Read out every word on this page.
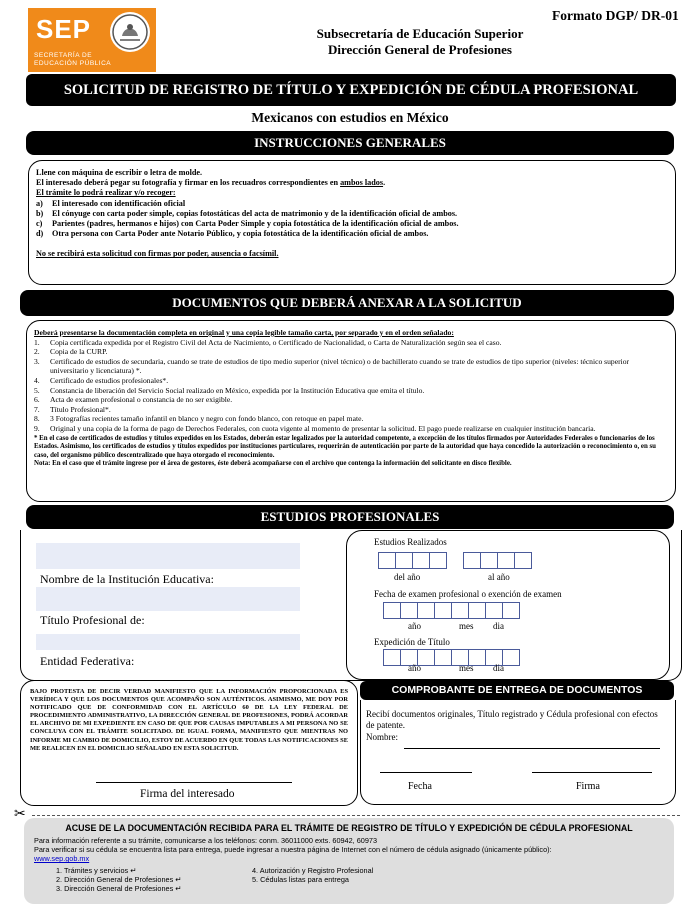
SEP
SECRETARÍA DE
EDUCACIÓN PÚBLICA
Formato DGP/ DR-01
Subsecretaría de Educación Superior
Dirección General de Profesiones
SOLICITUD DE REGISTRO DE TÍTULO Y EXPEDICIÓN DE CÉDULA PROFESIONAL
Mexicanos con estudios en México
INSTRUCCIONES GENERALES
Llene con máquina de escribir o letra de molde.
El interesado deberá pegar su fotografía y firmar en los recuadros correspondientes en ambos lados.
El trámite lo podrá realizar y/o recoger:
a)	El interesado con identificación oficial
b)	El cónyuge con carta poder simple, copias fotostáticas del acta de matrimonio y de la identificación oficial de ambos.
c)	Parientes (padres, hermanos e hijos) con Carta Poder Simple y copia fotostática de la identificación oficial de ambos.
d)	Otra persona con Carta Poder ante Notario Público, y copia fotostática de la identificación oficial de ambos.
No se recibirá esta solicitud con firmas por poder, ausencia o facsímil.
DOCUMENTOS QUE DEBERÁ ANEXAR A LA SOLICITUD
Deberá presentarse la documentación completa en original y una copia legible tamaño carta, por separado y en el orden señalado:
1.	Copia certificada expedida por el Registro Civil del Acta de Nacimiento, o Certificado de Nacionalidad, o Carta de Naturalización según sea el caso.
2.	Copia de la CURP.
3.	Certificado de estudios de secundaria, cuando se trate de estudios de tipo medio superior (nivel técnico) o de bachillerato cuando se trate de estudios de tipo superior (niveles: técnico superior universitario y licenciatura) *.
4.	Certificado de estudios profesionales*.
5.	Constancia de liberación del Servicio Social realizado en México, expedida por la Institución Educativa que emita el título.
6.	Acta de examen profesional o constancia de no ser exigible.
7.	Título Profesional*.
8.	3 Fotografías recientes tamaño infantil en blanco y negro con fondo blanco, con retoque en papel mate.
9.	Original y una copia de la forma de pago de Derechos Federales, con cuota vigente al momento de presentar la solicitud. El pago puede realizarse en cualquier institución bancaria.
* En el caso de certificados de estudios y títulos expedidos en los Estados, deberán estar legalizados por la autoridad competente, a excepción de los títulos firmados por Autoridades Federales o funcionarios de los Estados. Asimismo, los certificados de estudios y títulos expedidos por instituciones particulares, requerirán de autenticación por parte de la autoridad que haya concedido la autorización o reconocimiento o, en su caso, del organismo público descentralizado que haya otorgado el reconocimiento.
Nota: En el caso que el trámite ingrese por el área de gestores, éste deberá acompañarse con el archivo que contenga la información del solicitante en disco flexible.
ESTUDIOS PROFESIONALES
Nombre de la Institución Educativa:
Título Profesional de:
Entidad Federativa:
Estudios Realizados
del año	al año
Fecha de examen profesional o exención de examen
año	mes dia
Expedición de Título
año	mes dia
BAJO PROTESTA DE DECIR VERDAD MANIFIESTO QUE LA INFORMACIÓN PROPORCIONADA ES VERÍDICA Y QUE LOS DOCUMENTOS QUE ACOMPAÑO SON AUTÉNTICOS. ASIMISMO, ME DOY POR NOTIFICADO QUE DE CONFORMIDAD CON EL ARTÍCULO 60 DE LA LEY FEDERAL DE PROCEDIMIENTO ADMINISTRATIVO, LA DIRECCIÓN GENERAL DE PROFESIONES, PODRÁ ACORDAR EL ARCHIVO DE MI EXPEDIENTE EN CASO DE QUE POR CAUSAS IMPUTABLES A MI PERSONA NO SE CONCLUYA CON EL TRÁMITE SOLICITADO. DE IGUAL FORMA, MANIFIESTO QUE MIENTRAS NO INFORME MI CAMBIO DE DOMICILIO, ESTOY DE ACUERDO EN QUE TODAS LAS NOTIFICACIONES SE ME REALICEN EN EL DOMICILIO SEÑALADO EN ESTA SOLICITUD.
Firma del interesado
COMPROBANTE DE ENTREGA DE DOCUMENTOS
Recibí documentos originales, Título registrado y Cédula profesional con efectos de patente.
Nombre:
Fecha	Firma
✂
ACUSE DE LA DOCUMENTACIÓN RECIBIDA PARA EL TRÁMITE DE REGISTRO DE TÍTULO Y EXPEDICIÓN DE CÉDULA PROFESIONAL
Para información referente a su trámite, comunicarse a los teléfonos: conm. 36011000 exts. 60942, 60973
Para verificar si su cédula se encuentra lista para entrega, puede ingresar a nuestra página de Internet con el número de cédula asignado (únicamente público):
www.sep.gob.mx
1. Trámites y servicios ↵
2. Dirección General de Profesiones ↵
3. Dirección General de Profesiones ↵
4. Autorización y Registro Profesional
5. Cédulas listas para entrega
